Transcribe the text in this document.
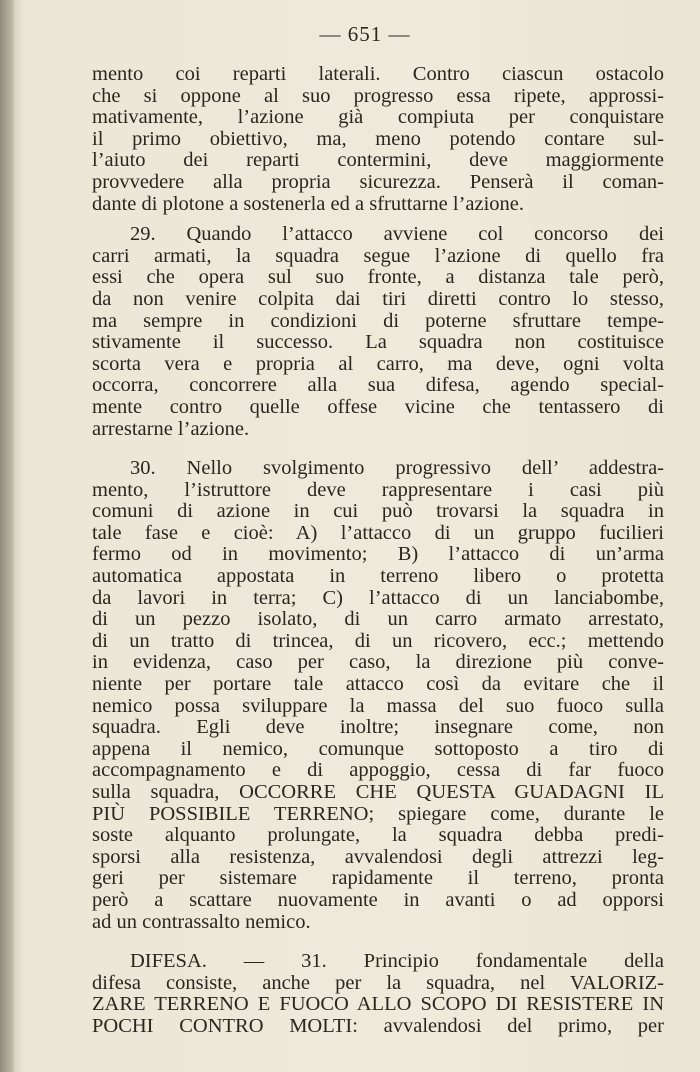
— 651 —
mento coi reparti laterali. Contro ciascun ostacolo
che si oppone al suo progresso essa ripete, approssi-
mativamente, l’azione già compiuta per conquistare
il primo obiettivo, ma, meno potendo contare sul-
l’aiuto dei reparti contermini, deve maggiormente
provvedere alla propria sicurezza. Penserà il coman-
dante di plotone a sostenerla ed a sfruttarne l’azione.
29. Quando l’attacco avviene col concorso dei
carri armati, la squadra segue l’azione di quello fra
essi che opera sul suo fronte, a distanza tale però,
da non venire colpita dai tiri diretti contro lo stesso,
ma sempre in condizioni di poterne sfruttare tempe-
stivamente il successo. La squadra non costituisce
scorta vera e propria al carro, ma deve, ogni volta
occorra, concorrere alla sua difesa, agendo special-
mente contro quelle offese vicine che tentassero di
arrestarne l’azione.
30. Nello svolgimento progressivo dell’ addestra-
mento, l’istruttore deve rappresentare i casi più
comuni di azione in cui può trovarsi la squadra in
tale fase e cioè: A) l’attacco di un gruppo fucilieri
fermo od in movimento; B) l’attacco di un’arma
automatica appostata in terreno libero o protetta
da lavori in terra; C) l’attacco di un lanciabombe,
di un pezzo isolato, di un carro armato arrestato,
di un tratto di trincea, di un ricovero, ecc.; mettendo
in evidenza, caso per caso, la direzione più conve-
niente per portare tale attacco così da evitare che il
nemico possa sviluppare la massa del suo fuoco sulla
squadra. Egli deve inoltre; insegnare come, non
appena il nemico, comunque sottoposto a tiro di
accompagnamento e di appoggio, cessa di far fuoco
sulla squadra, OCCORRE CHE QUESTA GUADAGNI IL
PIÙ POSSIBILE TERRENO; spiegare come, durante le
soste alquanto prolungate, la squadra debba predi-
sporsi alla resistenza, avvalendosi degli attrezzi leg-
geri per sistemare rapidamente il terreno, pronta
però a scattare nuovamente in avanti o ad opporsi
ad un contrassalto nemico.
DIFESA. — 31. Principio fondamentale della
difesa consiste, anche per la squadra, nel VALORIZ-
ZARE TERRENO E FUOCO ALLO SCOPO DI RESISTERE IN
POCHI CONTRO MOLTI: avvalendosi del primo, per
